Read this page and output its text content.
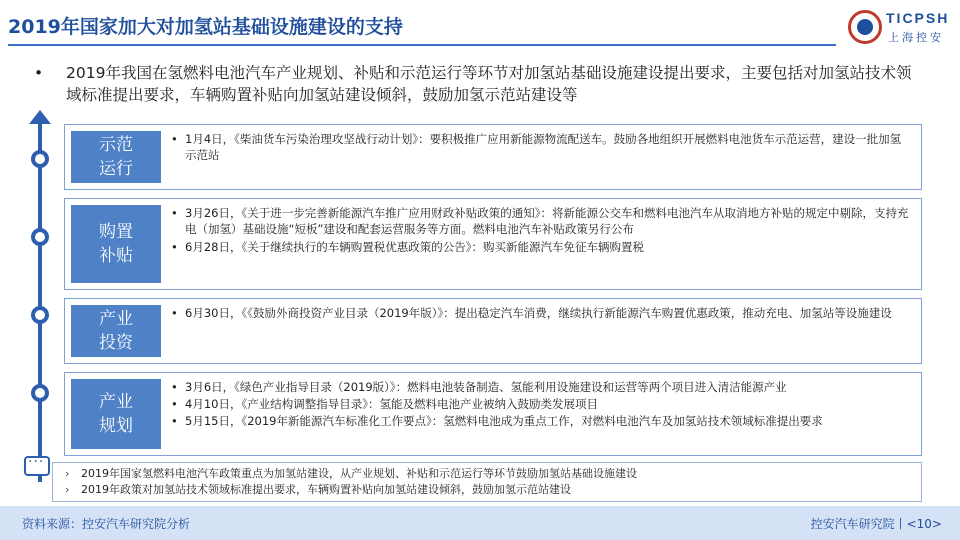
2019年国家加大对加氢站基础设施建设的支持	TICPSH
上海控安
•	2019年我国在氢燃料电池汽车产业规划、补贴和示范运行等环节对加氢站基础设施建设提出要求，主要包括对加氢站技术领域标准提出要求，车辆购置补贴向加氢站建设倾斜，鼓励加氢示范站建设等
示范
运行
• 1月4日，《柴油货车污染治理攻坚战行动计划》：要积极推广应用新能源物流配送车。鼓励各地组织开展燃料电池货车示范运营，建设一批加氢示范站
购置
补贴
• 3月26日，《关于进一步完善新能源汽车推广应用财政补贴政策的通知》：将新能源公交车和燃料电池汽车从取消地方补贴的规定中剔除，支持充电（加氢）基础设施“短板”建设和配套运营服务等方面。燃料电池汽车补贴政策另行公布
• 6月28日，《关于继续执行的车辆购置税优惠政策的公告》：购买新能源汽车免征车辆购置税
产业
投资
• 6月30日，《《鼓励外商投资产业目录（2019年版）》：提出稳定汽车消费，继续执行新能源汽车购置优惠政策，推动充电、加氢站等设施建设
产业
规划
• 3月6日，《绿色产业指导目录（2019版）》：燃料电池装备制造、氢能利用设施建设和运营等两个项目进入清洁能源产业
• 4月10日，《产业结构调整指导目录》：氢能及燃料电池产业被纳入鼓励类发展项目
• 5月15日，《2019年新能源汽车标准化工作要点》：氢燃料电池成为重点工作，对燃料电池汽车及加氢站技术领域标准提出要求
› 2019年国家氢燃料电池汽车政策重点为加氢站建设，从产业规划、补贴和示范运行等环节鼓励加氢站基础设施建设
› 2019年政策对加氢站技术领域标准提出要求，车辆购置补贴向加氢站建设倾斜，鼓励加氢示范站建设
···
资料来源：控安汽车研究院分析	控安汽车研究院丨<10>
